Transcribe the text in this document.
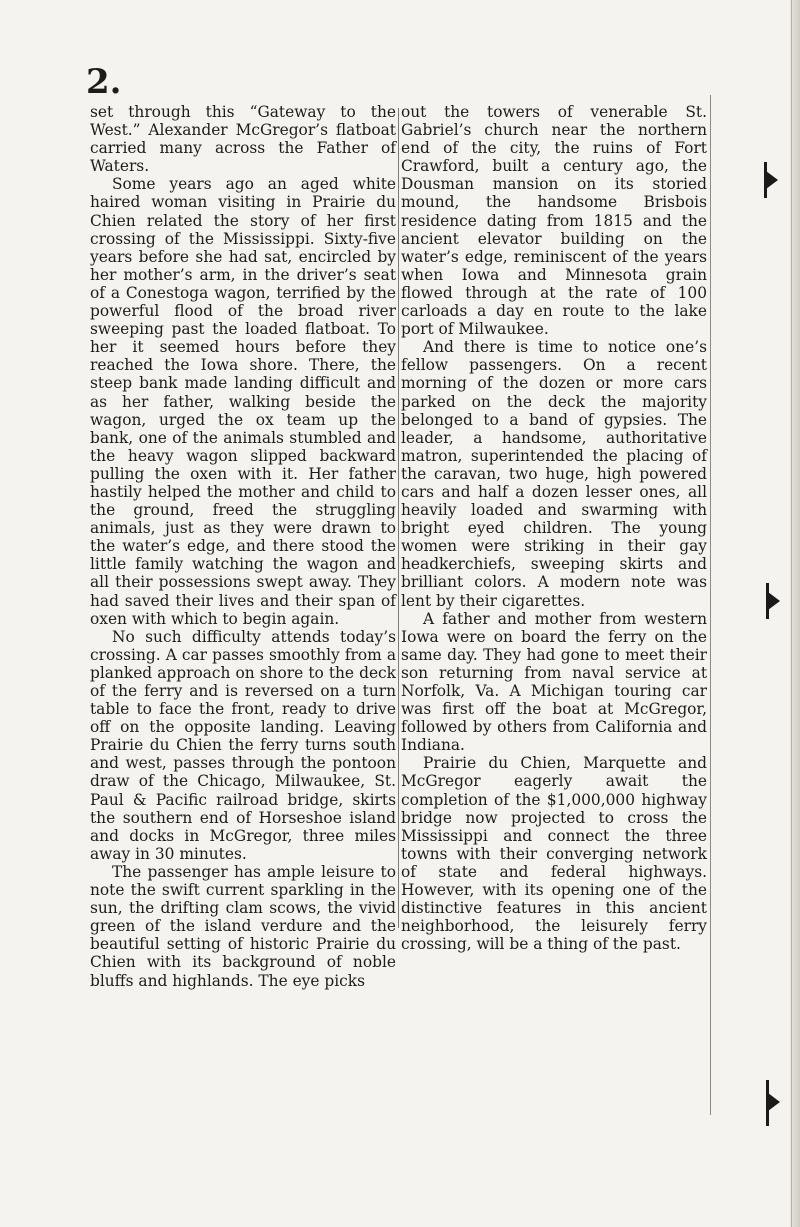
2.

set through this “Gateway to the West.” Alexander McGregor’s flatboat carried many across the Father of Waters.

Some years ago an aged white haired woman visiting in Prairie du Chien related the story of her first crossing of the Mississippi. Sixty-five years before she had sat, encircled by her mother’s arm, in the driver’s seat of a Conestoga wagon, terrified by the powerful flood of the broad river sweeping past the loaded flatboat. To her it seemed hours before they reached the Iowa shore. There, the steep bank made landing difficult and as her father, walking beside the wagon, urged the ox team up the bank, one of the animals stumbled and the heavy wagon slipped backward pulling the oxen with it. Her father hastily helped the mother and child to the ground, freed the struggling animals, just as they were drawn to the water’s edge, and there stood the little family watching the wagon and all their possessions swept away. They had saved their lives and their span of oxen with which to begin again.

No such difficulty attends today’s crossing. A car passes smoothly from a planked approach on shore to the deck of the ferry and is reversed on a turn table to face the front, ready to drive off on the opposite landing. Leaving Prairie du Chien the ferry turns south and west, passes through the pontoon draw of the Chicago, Milwaukee, St. Paul & Pacific railroad bridge, skirts the southern end of Horseshoe island and docks in McGregor, three miles away in 30 minutes.

The passenger has ample leisure to note the swift current sparkling in the sun, the drifting clam scows, the vivid green of the island verdure and the beautiful setting of historic Prairie du Chien with its background of noble bluffs and highlands. The eye picks

out the towers of venerable St. Gabriel’s church near the northern end of the city, the ruins of Fort Crawford, built a century ago, the Dousman mansion on its storied mound, the handsome Brisbois residence dating from 1815 and the ancient elevator building on the water’s edge, reminiscent of the years when Iowa and Minnesota grain flowed through at the rate of 100 carloads a day en route to the lake port of Milwaukee.

And there is time to notice one’s fellow passengers. On a recent morning of the dozen or more cars parked on the deck the majority belonged to a band of gypsies. The leader, a handsome, authoritative matron, superintended the placing of the caravan, two huge, high powered cars and half a dozen lesser ones, all heavily loaded and swarming with bright eyed children. The young women were striking in their gay headkerchiefs, sweeping skirts and brilliant colors. A modern note was lent by their cigarettes.

A father and mother from western Iowa were on board the ferry on the same day. They had gone to meet their son returning from naval service at Norfolk, Va. A Michigan touring car was first off the boat at McGregor, followed by others from California and Indiana.

Prairie du Chien, Marquette and McGregor eagerly await the completion of the $1,000,000 highway bridge now projected to cross the Mississippi and connect the three towns with their converging network of state and federal highways. However, with its opening one of the distinctive features in this ancient neighborhood, the leisurely ferry crossing, will be a thing of the past.
